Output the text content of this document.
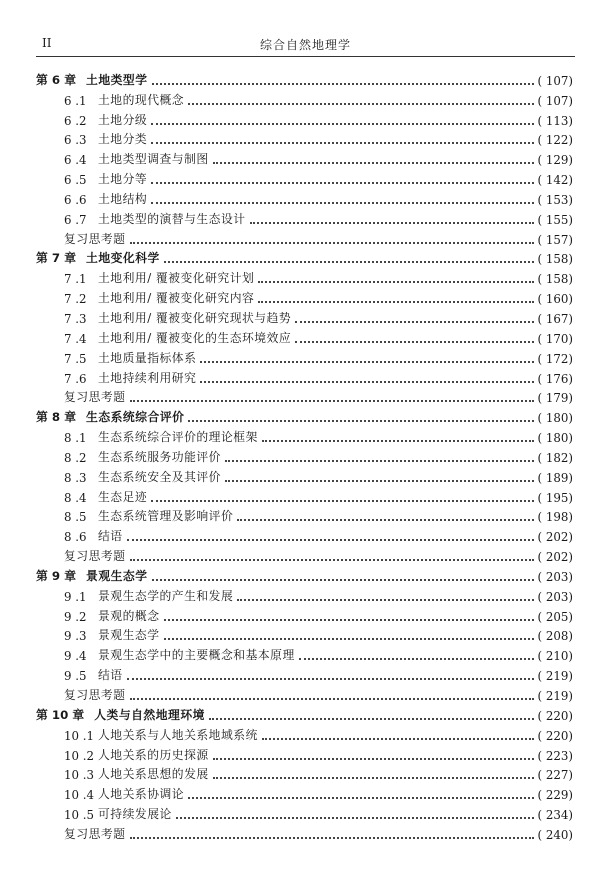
II	综合自然地理学
第 6 章 土地类型学	( 107)
6 .1 土地的现代概念	( 107)
6 .2 土地分级	( 113)
6 .3 土地分类	( 122)
6 .4 土地类型调查与制图	( 129)
6 .5 土地分等	( 142)
6 .6 土地结构	( 153)
6 .7 土地类型的演替与生态设计	( 155)
复习思考题	( 157)
第 7 章 土地变化科学	( 158)
7 .1 土地利用/ 覆被变化研究计划	( 158)
7 .2 土地利用/ 覆被变化研究内容	( 160)
7 .3 土地利用/ 覆被变化研究现状与趋势	( 167)
7 .4 土地利用/ 覆被变化的生态环境效应	( 170)
7 .5 土地质量指标体系	( 172)
7 .6 土地持续利用研究	( 176)
复习思考题	( 179)
第 8 章 生态系统综合评价	( 180)
8 .1 生态系统综合评价的理论框架	( 180)
8 .2 生态系统服务功能评价	( 182)
8 .3 生态系统安全及其评价	( 189)
8 .4 生态足迹	( 195)
8 .5 生态系统管理及影响评价	( 198)
8 .6 结语	( 202)
复习思考题	( 202)
第 9 章 景观生态学	( 203)
9 .1 景观生态学的产生和发展	( 203)
9 .2 景观的概念	( 205)
9 .3 景观生态学	( 208)
9 .4 景观生态学中的主要概念和基本原理	( 210)
9 .5 结语	( 219)
复习思考题	( 219)
第 10 章 人类与自然地理环境	( 220)
10 .1 人地关系与人地关系地域系统	( 220)
10 .2 人地关系的历史探源	( 223)
10 .3 人地关系思想的发展	( 227)
10 .4 人地关系协调论	( 229)
10 .5 可持续发展论	( 234)
复习思考题	( 240)
